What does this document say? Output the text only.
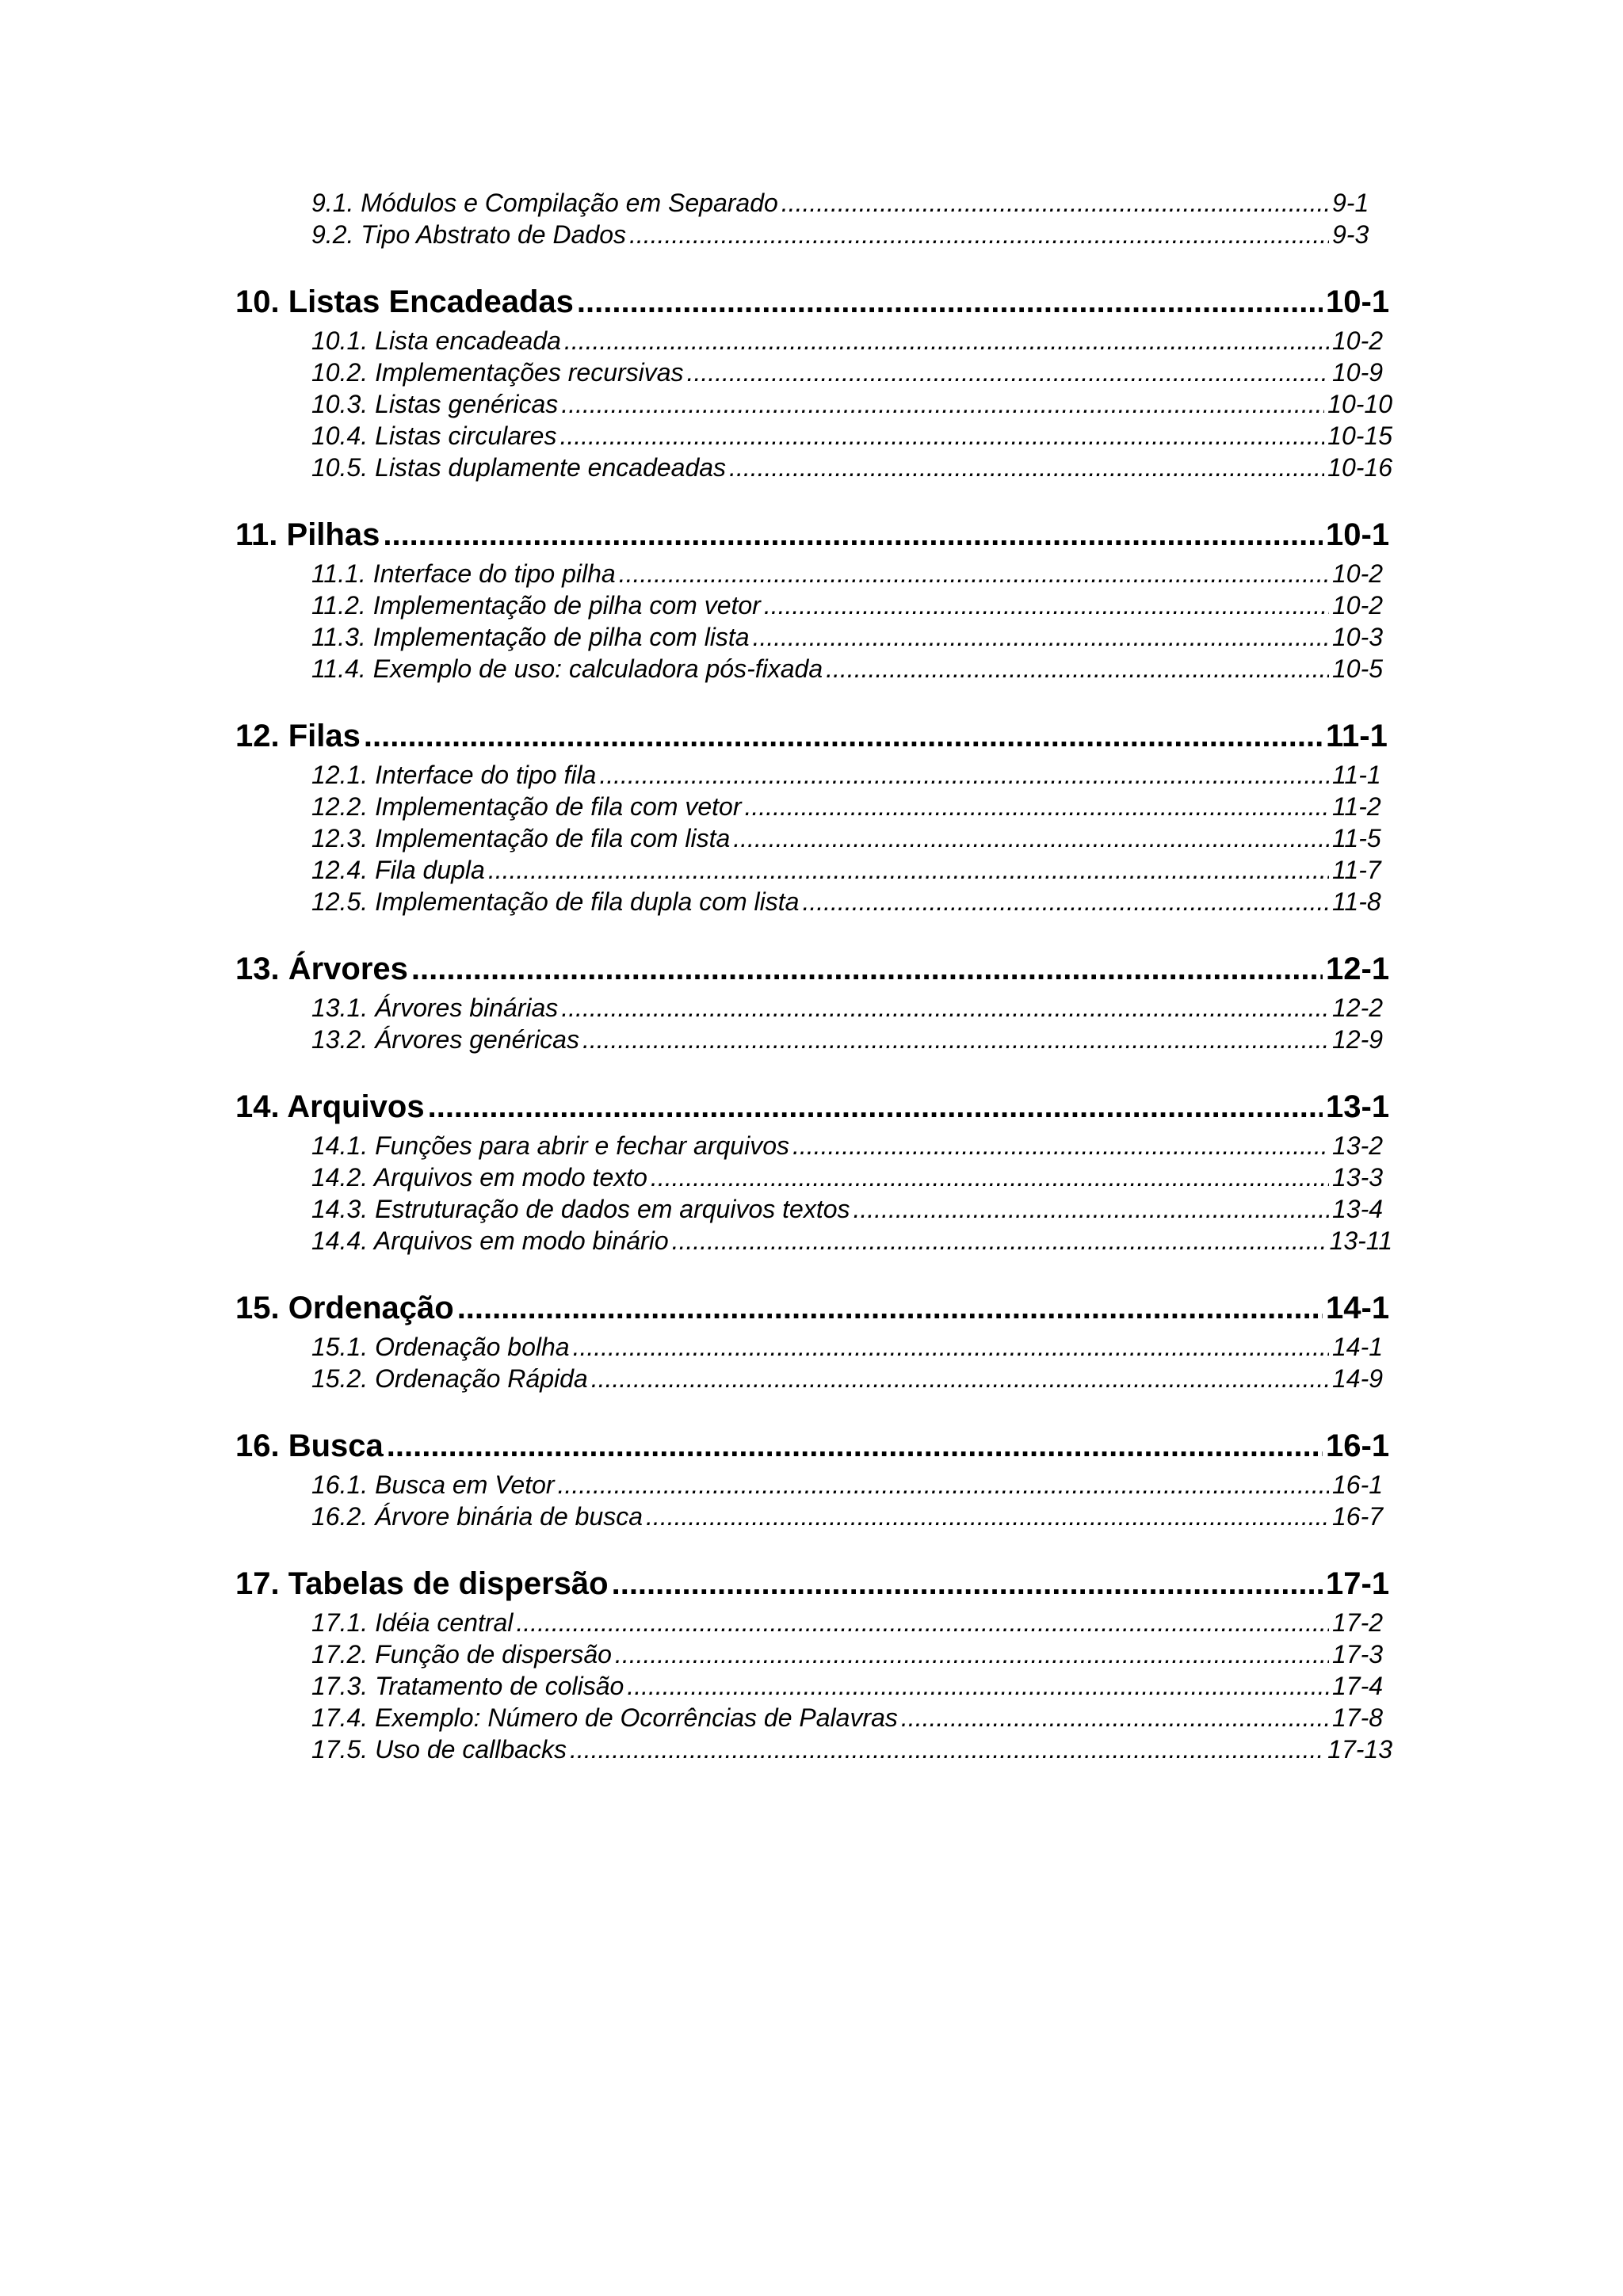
9.1. Módulos e Compilação em Separado .....	9-1
9.2. Tipo Abstrato de Dados .....	9-3
10. Listas Encadeadas .....	10-1
10.1. Lista encadeada .....	10-2
10.2. Implementações recursivas .....	10-9
10.3. Listas genéricas .....	10-10
10.4. Listas circulares .....	10-15
10.5. Listas duplamente encadeadas .....	10-16
11. Pilhas .....	10-1
11.1. Interface do tipo pilha .....	10-2
11.2. Implementação de pilha com vetor .....	10-2
11.3. Implementação de pilha com lista .....	10-3
11.4. Exemplo de uso: calculadora pós-fixada .....	10-5
12. Filas .....	11-1
12.1. Interface do tipo fila .....	11-1
12.2. Implementação de fila com vetor .....	11-2
12.3. Implementação de fila com lista .....	11-5
12.4. Fila dupla .....	11-7
12.5. Implementação de fila dupla com lista .....	11-8
13. Árvores .....	12-1
13.1. Árvores binárias .....	12-2
13.2. Árvores genéricas .....	12-9
14. Arquivos .....	13-1
14.1. Funções para abrir e fechar arquivos .....	13-2
14.2. Arquivos em modo texto .....	13-3
14.3. Estruturação de dados em arquivos textos .....	13-4
14.4. Arquivos em modo binário .....	13-11
15. Ordenação .....	14-1
15.1. Ordenação bolha .....	14-1
15.2. Ordenação Rápida .....	14-9
16. Busca .....	16-1
16.1. Busca em Vetor .....	16-1
16.2. Árvore binária de busca .....	16-7
17. Tabelas de dispersão .....	17-1
17.1. Idéia central .....	17-2
17.2. Função de dispersão .....	17-3
17.3. Tratamento de colisão .....	17-4
17.4. Exemplo: Número de Ocorrências de Palavras .....	17-8
17.5. Uso de callbacks .....	17-13
